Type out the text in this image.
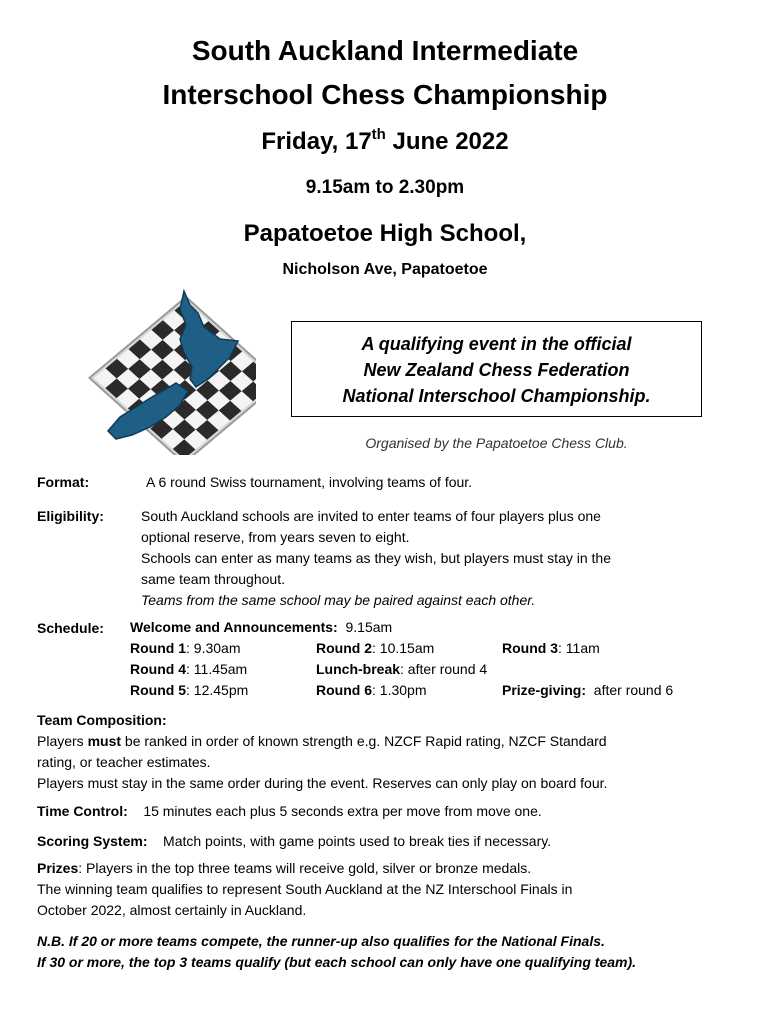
South Auckland Intermediate
Interschool Chess Championship
Friday, 17th June 2022
9.15am to 2.30pm
Papatoetoe High School,
Nicholson Ave, Papatoetoe
A qualifying event in the official
New Zealand Chess Federation
National Interschool Championship.
Organised by the Papatoetoe Chess Club.
Format:	A 6 round Swiss tournament, involving teams of four.
Eligibility:	South Auckland schools are invited to enter teams of four players plus one
optional reserve, from years seven to eight.
Schools can enter as many teams as they wish, but players must stay in the
same team throughout.
Teams from the same school may be paired against each other.
Schedule: Welcome and Announcements: 9.15am
Round 1: 9.30am	Round 2: 10.15am	Round 3: 11am
Round 4: 11.45am	Lunch-break: after round 4
Round 5: 12.45pm	Round 6: 1.30pm	Prize-giving: after round 6
Team Composition:
Players must be ranked in order of known strength e.g. NZCF Rapid rating, NZCF Standard
rating, or teacher estimates.
Players must stay in the same order during the event. Reserves can only play on board four.
Time Control: 15 minutes each plus 5 seconds extra per move from move one.
Scoring System: Match points, with game points used to break ties if necessary.
Prizes: Players in the top three teams will receive gold, silver or bronze medals.
The winning team qualifies to represent South Auckland at the NZ Interschool Finals in
October 2022, almost certainly in Auckland.
N.B. If 20 or more teams compete, the runner-up also qualifies for the National Finals.
If 30 or more, the top 3 teams qualify (but each school can only have one qualifying team).
